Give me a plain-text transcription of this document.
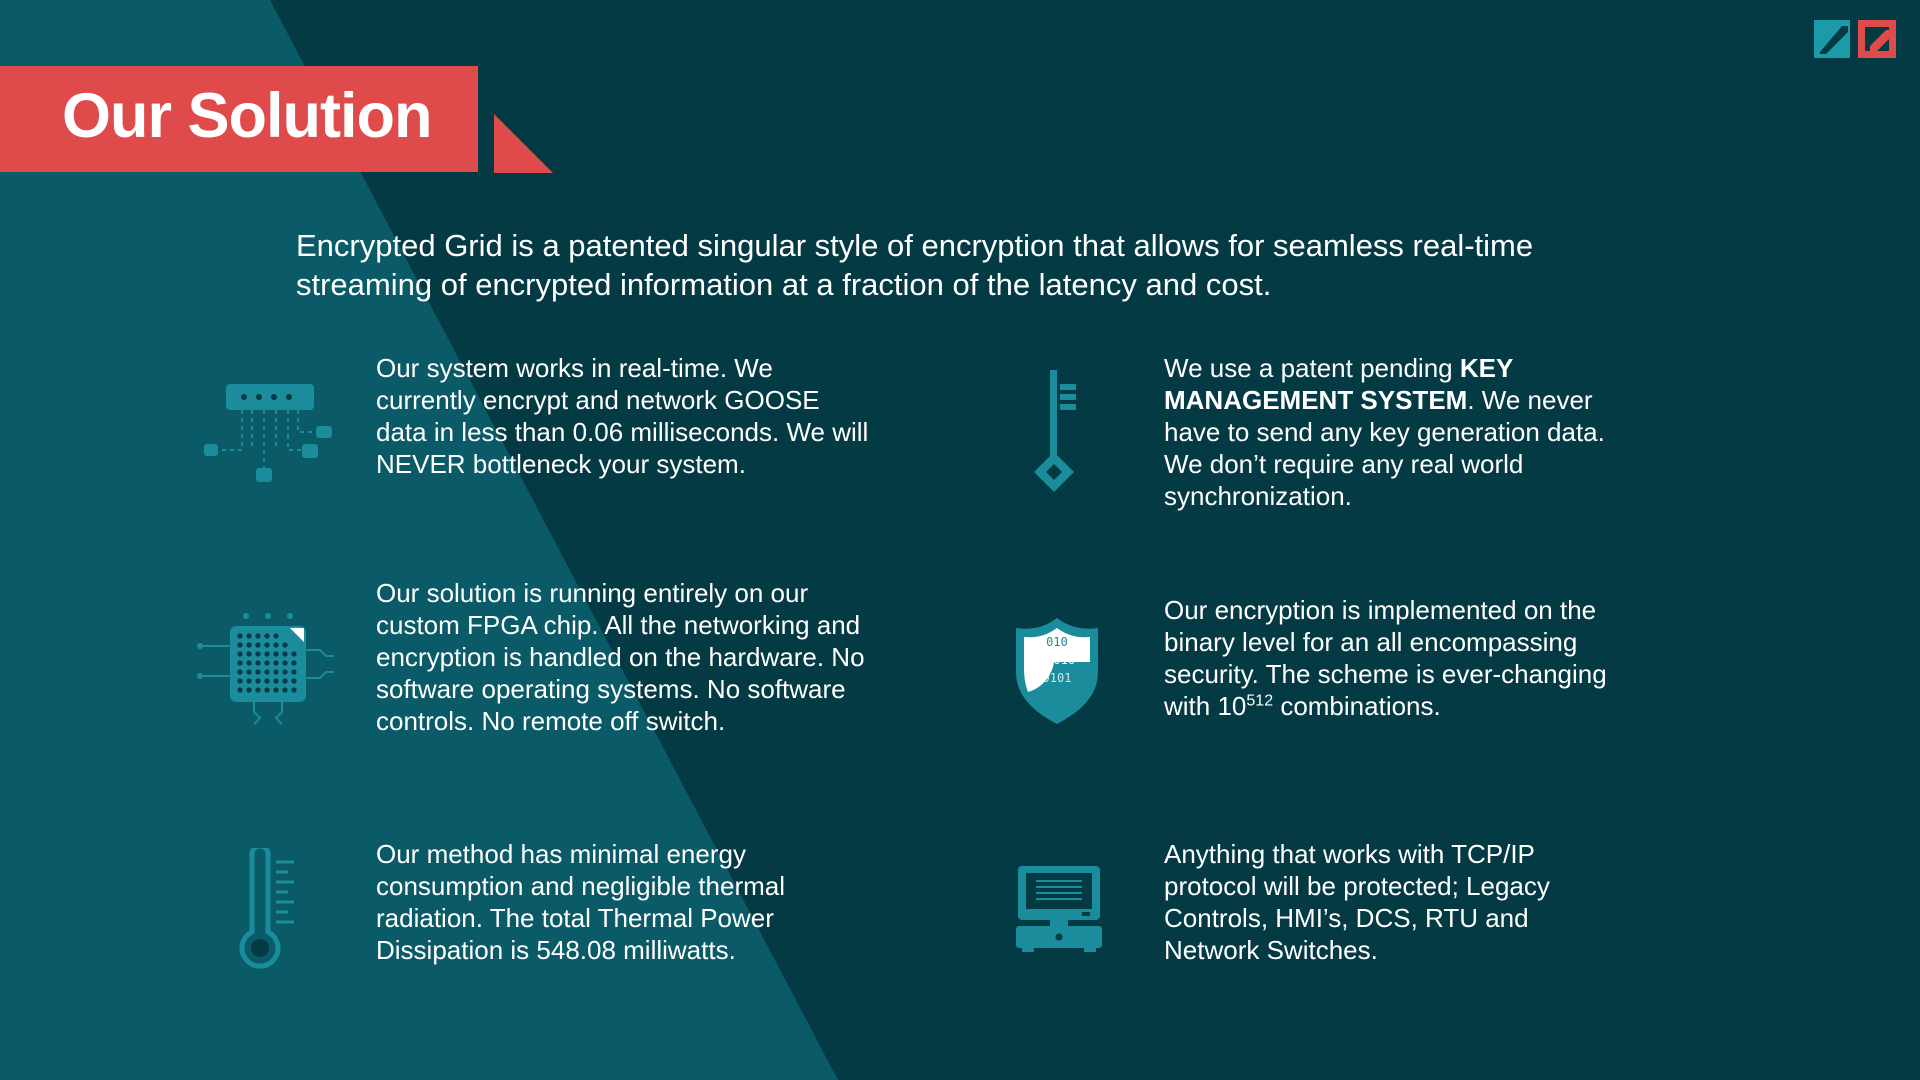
Our Solution
Encrypted Grid is a patented singular style of encryption that allows for seamless real-time streaming of encrypted information at a fraction of the latency and cost.
Our system works in real-time. We currently encrypt and network GOOSE data in less than 0.06 milliseconds. We will NEVER bottleneck your system.
We use a patent pending KEY MANAGEMENT SYSTEM. We never have to send any key generation data. We don’t require any real world synchronization.
Our solution is running entirely on our custom FPGA chip. All the networking and encryption is handled on the hardware. No software operating systems. No software controls. No remote off switch.
010
01010
0101
Our encryption is implemented on the binary level for an all encompassing security. The scheme is ever-changing with $10^{512}$ combinations.
Our method has minimal energy consumption and negligible thermal radiation. The total Thermal Power Dissipation is 548.08 milliwatts.
Anything that works with TCP/IP protocol will be protected; Legacy Controls, HMI’s, DCS, RTU and Network Switches.
